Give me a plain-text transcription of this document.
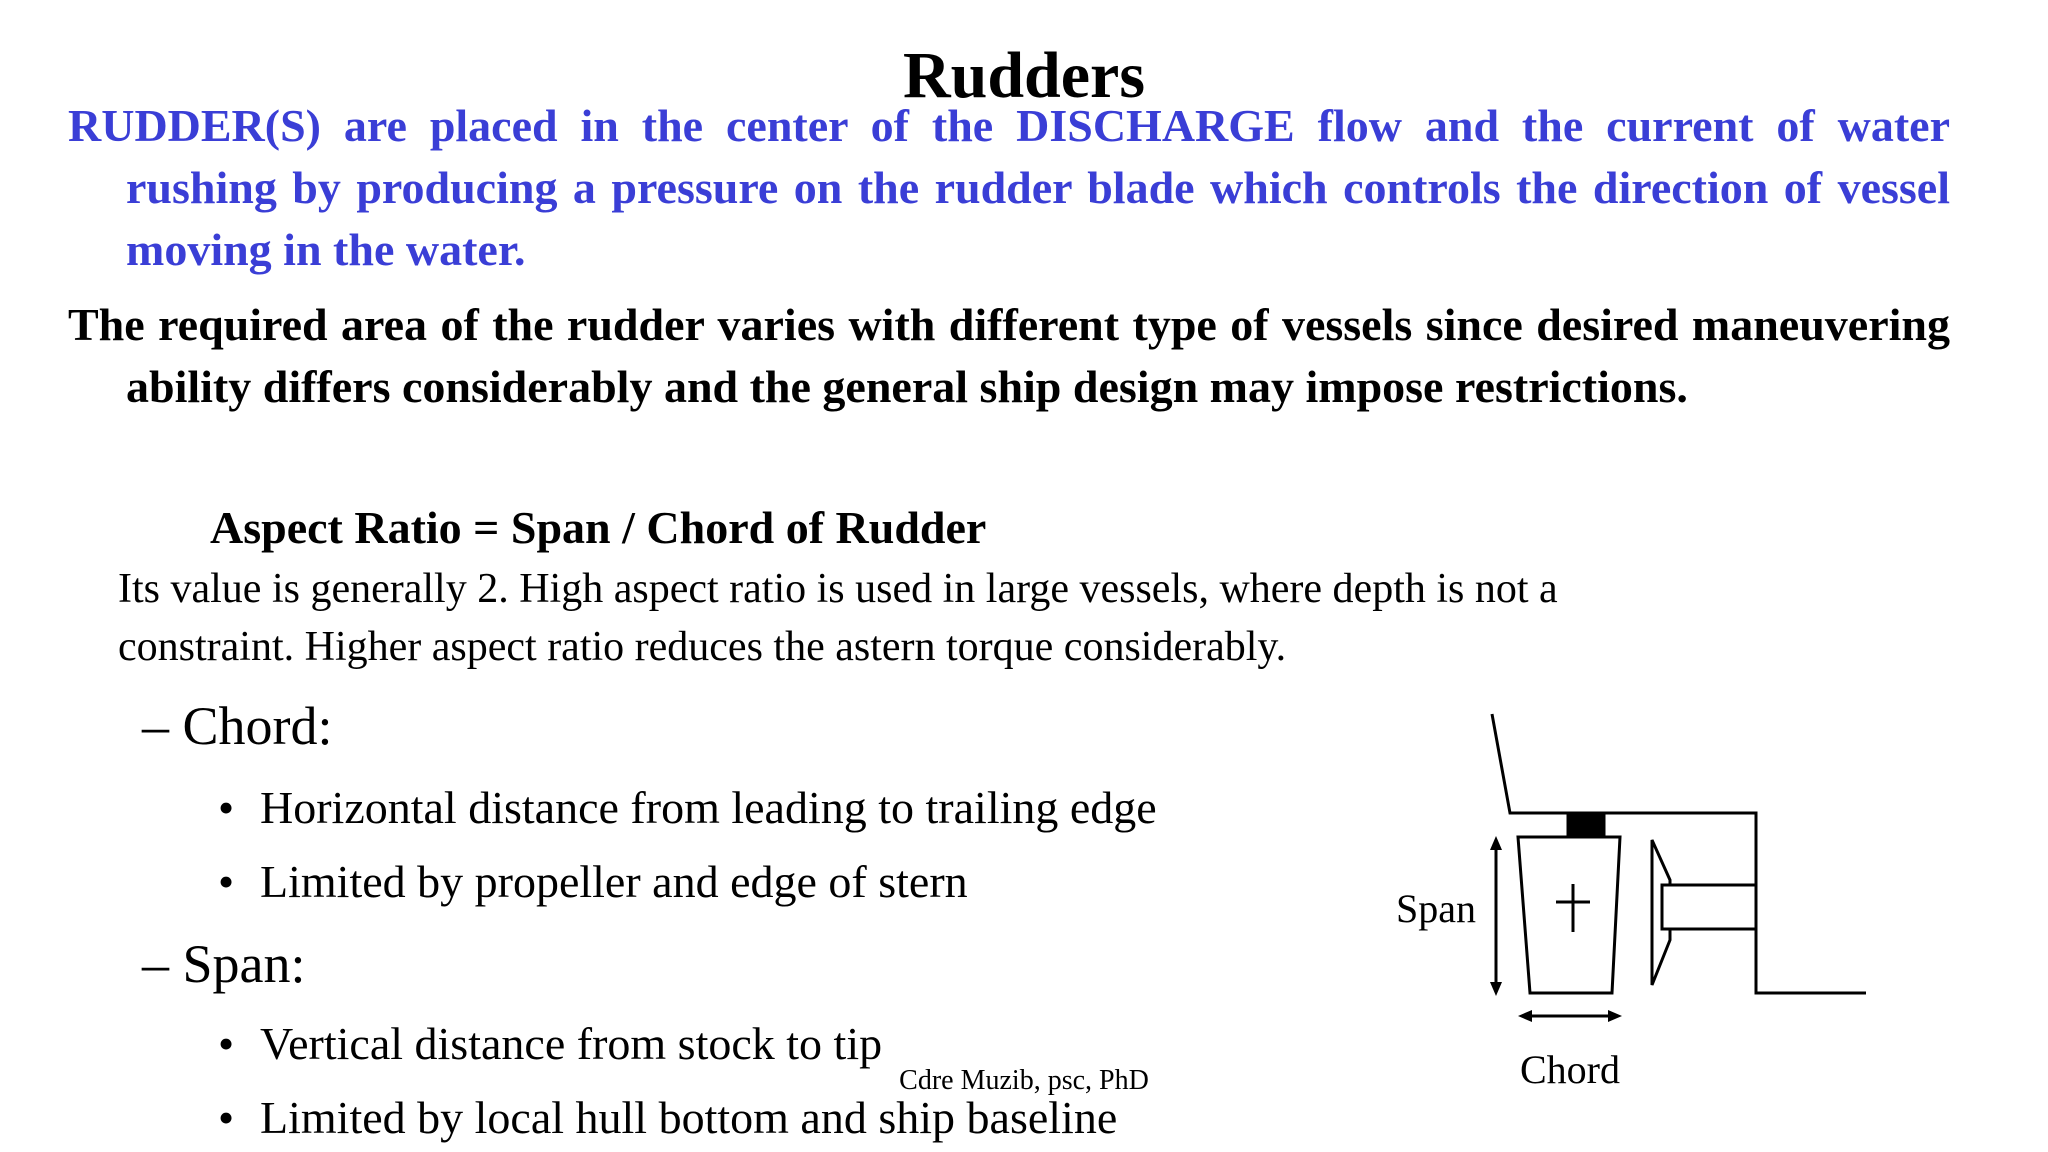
Rudders
RUDDER(S) are placed in the center of the DISCHARGE flow and the current of water rushing by producing a pressure on the rudder blade which controls the direction of vessel moving in the water.
The required area of the rudder varies with different type of vessels since desired maneuvering ability differs considerably and the general ship design may impose restrictions.
Aspect Ratio = Span / Chord of Rudder
Its value is generally 2. High aspect ratio is used in large vessels, where depth is not a
constraint. Higher aspect ratio reduces the astern torque considerably.
– Chord:
• Horizontal distance from leading to trailing edge
• Limited by propeller and edge of stern
– Span:
• Vertical distance from stock to tip
• Limited by local hull bottom and ship baseline
Cdre Muzib, psc, PhD
Span
Chord
